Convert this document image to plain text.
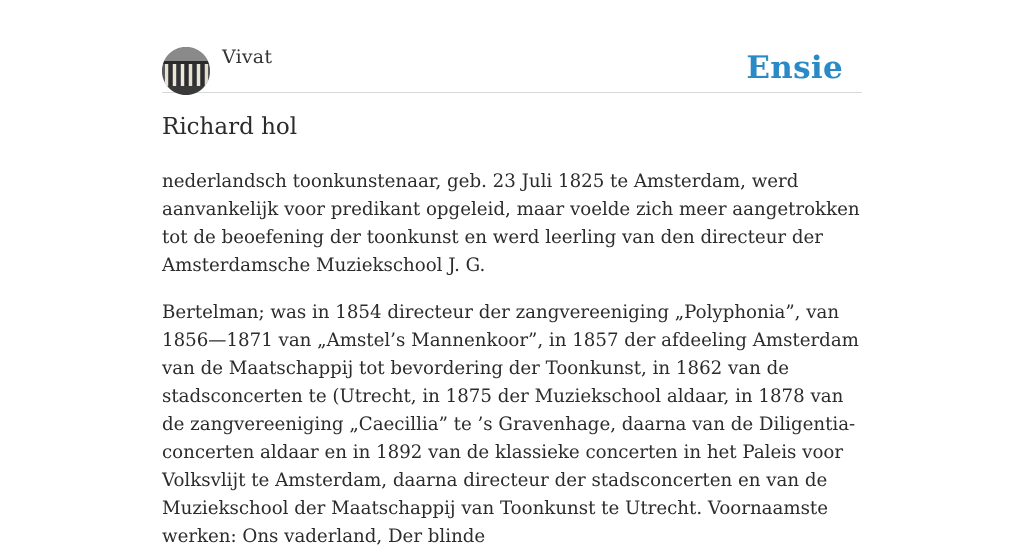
Vivat	Ensie
Richard hol

nederlandsch toonkunstenaar, geb. 23 Juli 1825 te Amsterdam, werd aanvankelijk voor predikant opgeleid, maar voelde zich meer aangetrokken tot de beoefening der toonkunst en werd leerling van den directeur der Amsterdamsche Muziekschool J. G.

Bertelman; was in 1854 directeur der zangvereeniging „Polyphonia”, van 1856—1871 van „Amstel’s Mannenkoor”, in 1857 der afdeeling Amsterdam van de Maatschappij tot bevordering der Toonkunst, in 1862 van de stadsconcerten te (Utrecht, in 1875 der Muziekschool aldaar, in 1878 van de zangvereeniging „Caecillia” te ’s Gravenhage, daarna van de Diligentia-concerten aldaar en in 1892 van de klassieke concerten in het Paleis voor Volksvlijt te Amsterdam, daarna directeur der stadsconcerten en van de Muziekschool der Maatschappij van Toonkunst te Utrecht. Voornaamste werken: Ons vaderland, Der blinde
